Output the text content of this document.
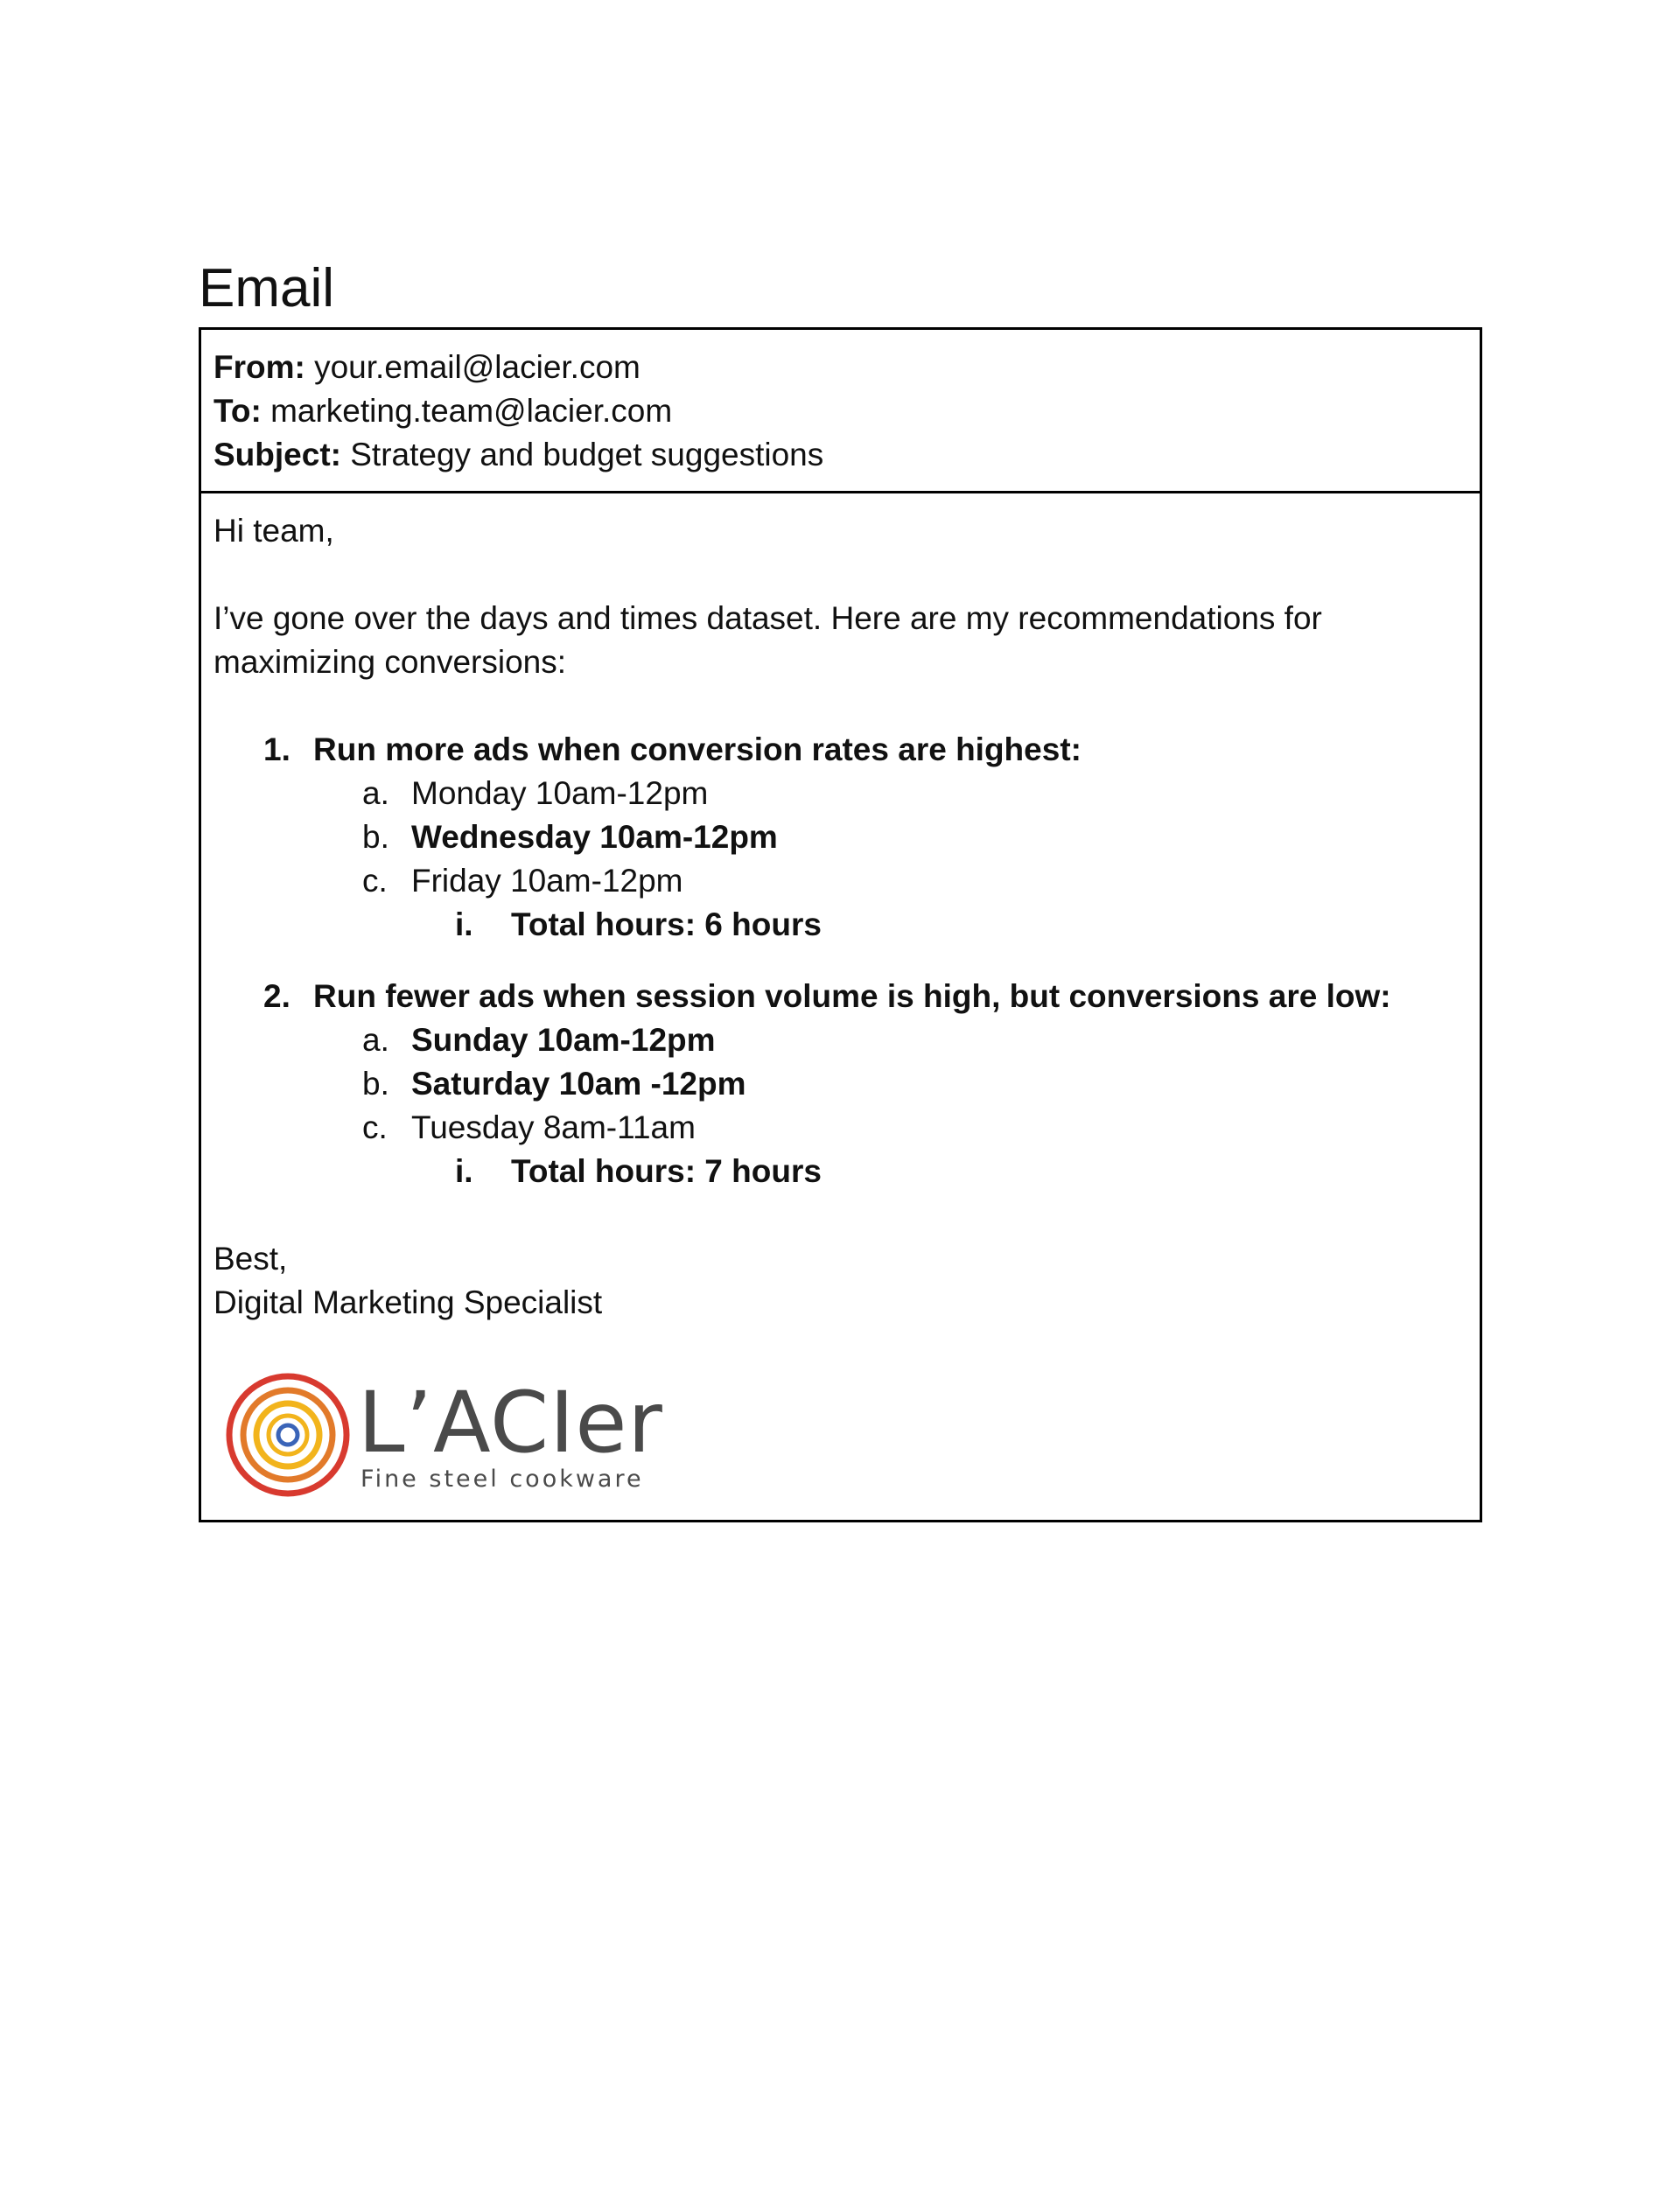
Email
From: your.email@lacier.com
To: marketing.team@lacier.com
Subject: Strategy and budget suggestions

Hi team,

I’ve gone over the days and times dataset. Here are my recommendations for maximizing conversions:

1. Run more ads when conversion rates are highest:
a. Monday 10am-12pm
b. Wednesday 10am-12pm
c. Friday 10am-12pm
i. Total hours: 6 hours
2. Run fewer ads when session volume is high, but conversions are low:
a. Sunday 10am-12pm
b. Saturday 10am -12pm
c. Tuesday 8am-11am
i. Total hours: 7 hours

Best,

Digital Marketing Specialist

L’ACIer
Fine steel cookware
